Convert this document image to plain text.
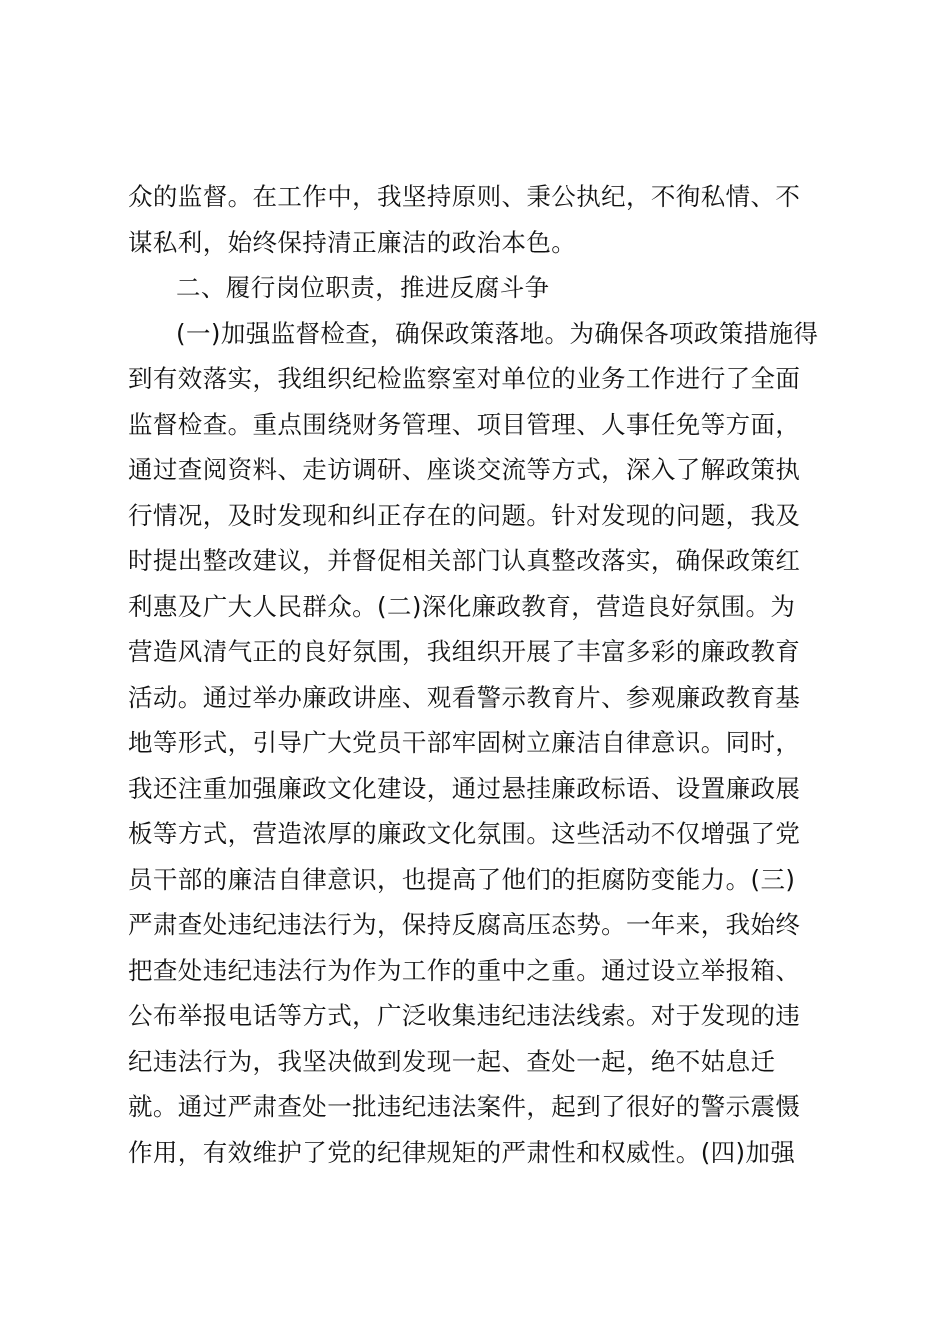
众的监督。在工作中，我坚持原则、秉公执纪，不徇私情、不
谋私利，始终保持清正廉洁的政治本色。
二、履行岗位职责，推进反腐斗争
(一)加强监督检查，确保政策落地。为确保各项政策措施得
到有效落实，我组织纪检监察室对单位的业务工作进行了全面
监督检查。重点围绕财务管理、项目管理、人事任免等方面，
通过查阅资料、走访调研、座谈交流等方式，深入了解政策执
行情况，及时发现和纠正存在的问题。针对发现的问题，我及
时提出整改建议，并督促相关部门认真整改落实，确保政策红
利惠及广大人民群众。(二)深化廉政教育，营造良好氛围。为
营造风清气正的良好氛围，我组织开展了丰富多彩的廉政教育
活动。通过举办廉政讲座、观看警示教育片、参观廉政教育基
地等形式，引导广大党员干部牢固树立廉洁自律意识。同时，
我还注重加强廉政文化建设，通过悬挂廉政标语、设置廉政展
板等方式，营造浓厚的廉政文化氛围。这些活动不仅增强了党
员干部的廉洁自律意识，也提高了他们的拒腐防变能力。(三)
严肃查处违纪违法行为，保持反腐高压态势。一年来，我始终
把查处违纪违法行为作为工作的重中之重。通过设立举报箱、
公布举报电话等方式，广泛收集违纪违法线索。对于发现的违
纪违法行为，我坚决做到发现一起、查处一起，绝不姑息迁
就。通过严肃查处一批违纪违法案件，起到了很好的警示震慑
作用，有效维护了党的纪律规矩的严肃性和权威性。(四)加强
